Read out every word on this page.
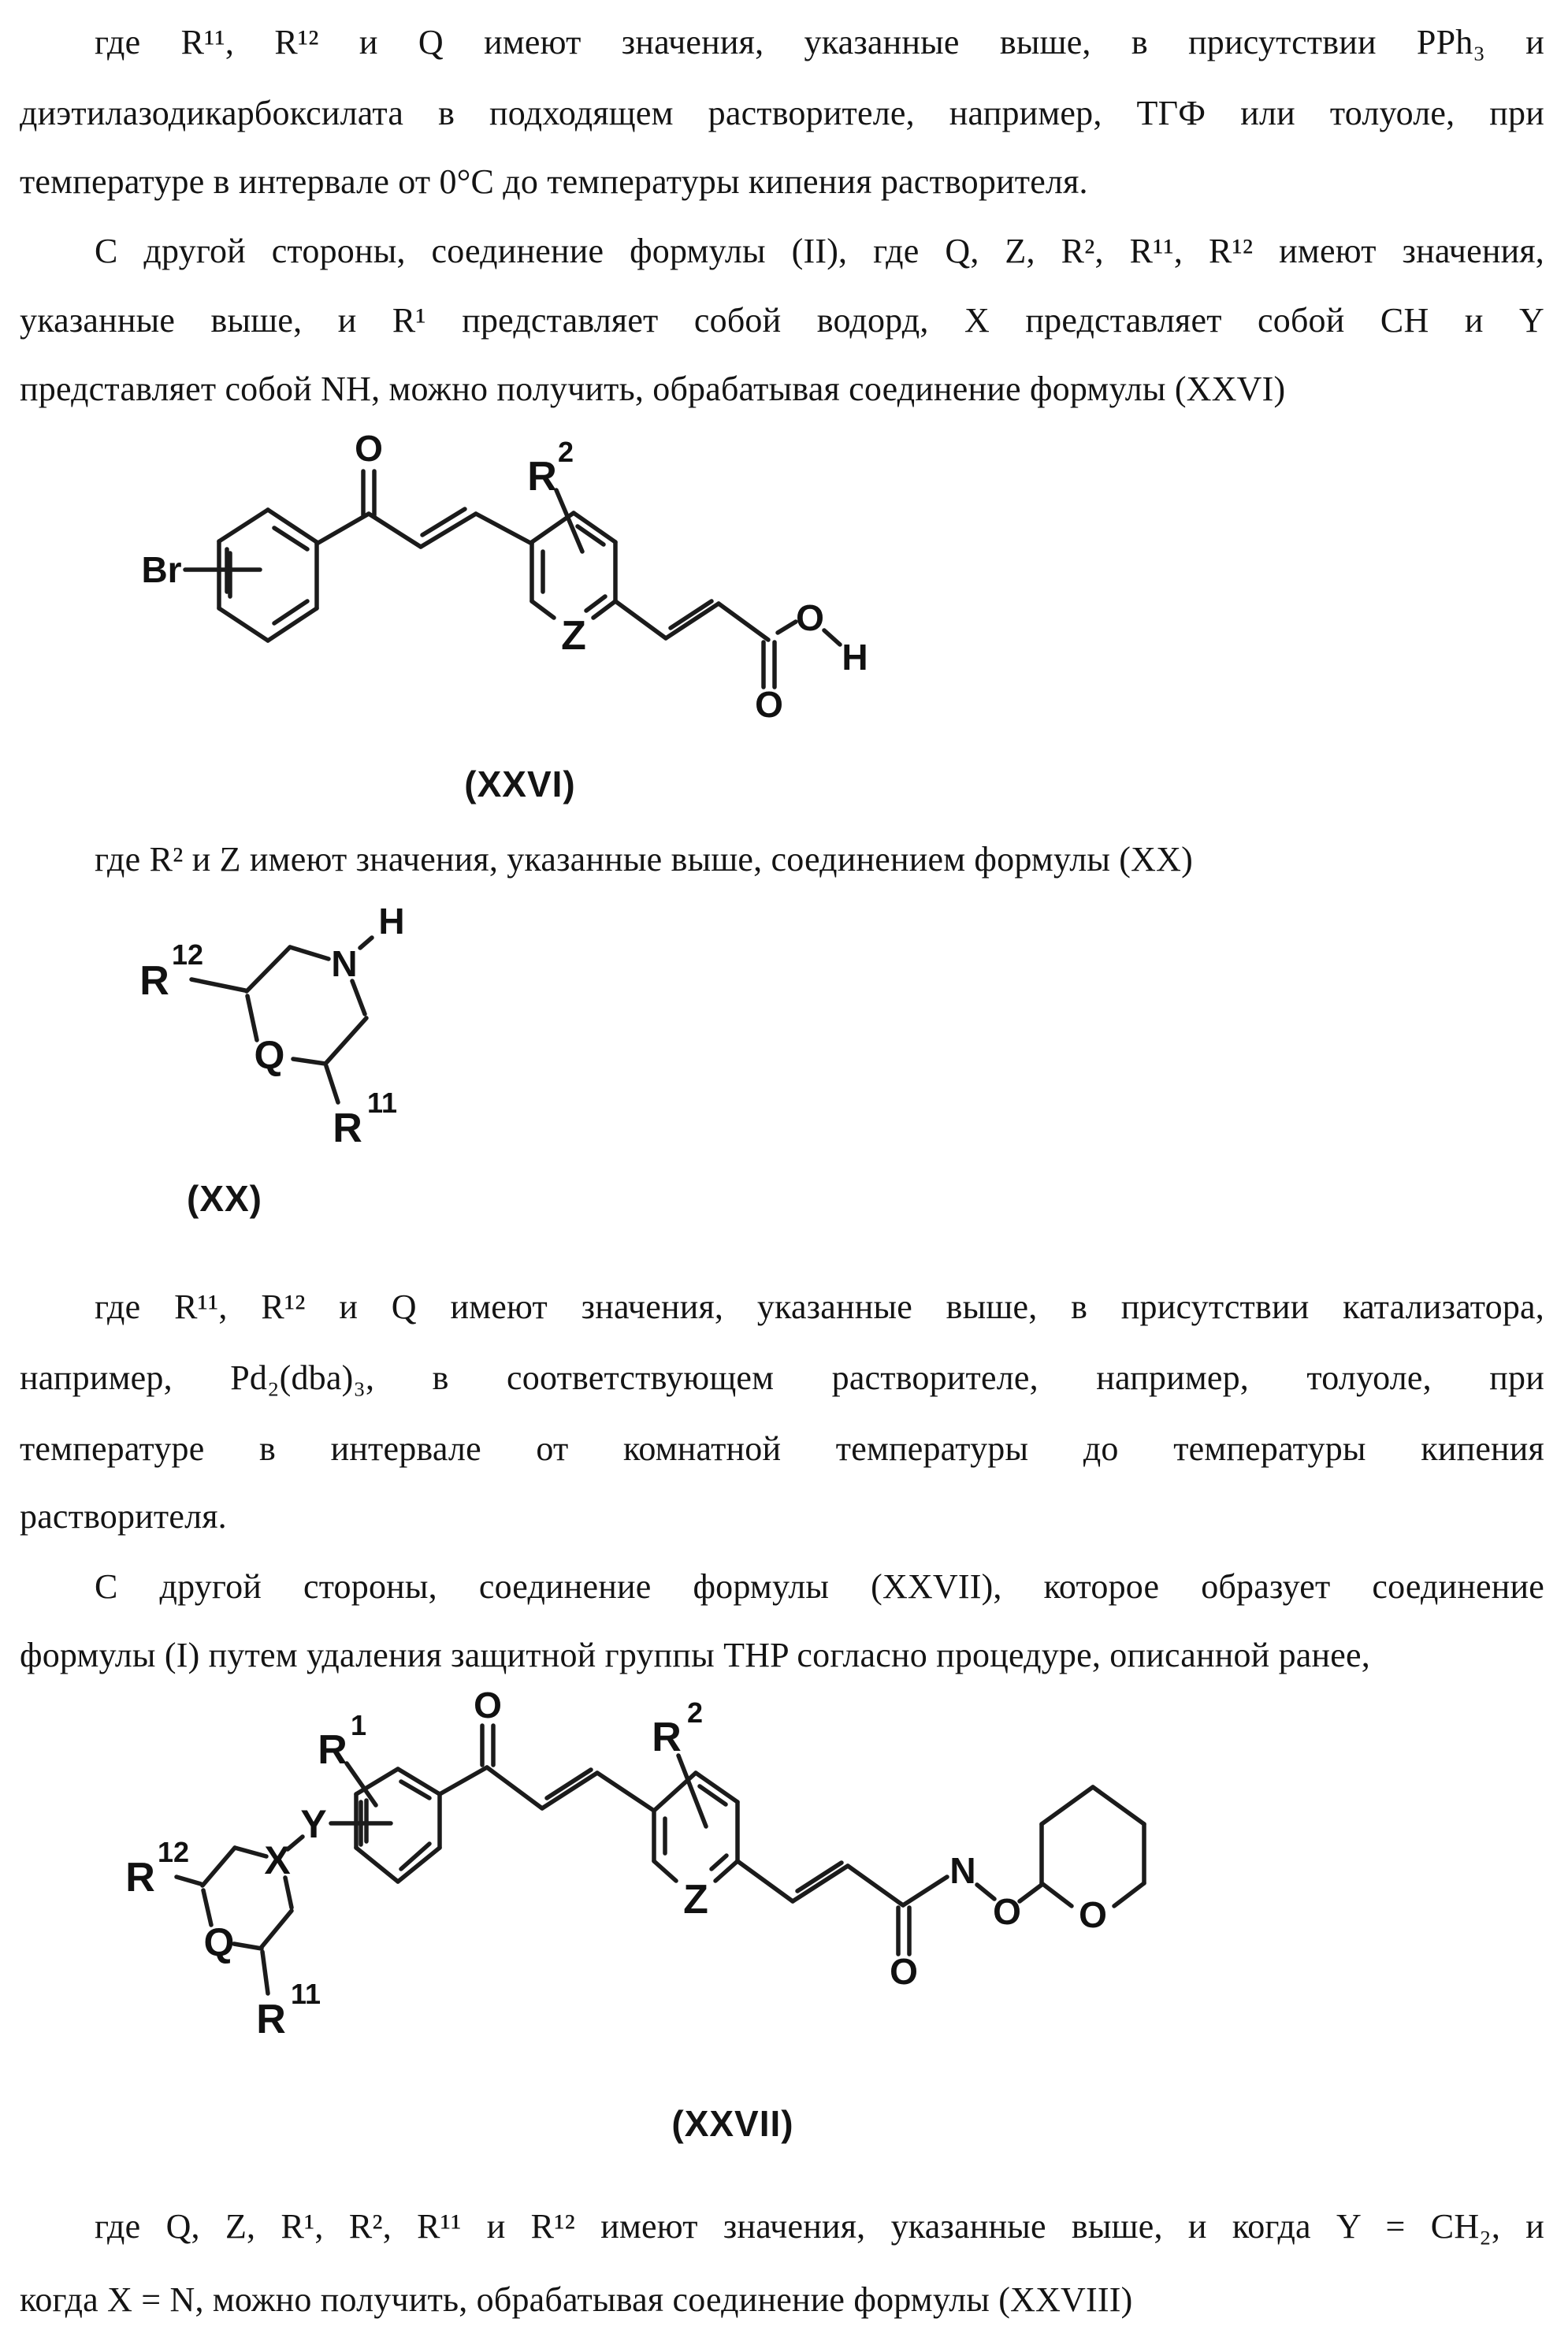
где R¹¹, R¹² и Q имеют значения, указанные выше, в присутствии PPh₃ и
диэтилазодикарбоксилата в подходящем растворителе, например, ТГФ или толуоле, при
температуре в интервале от 0°С до температуры кипения растворителя.
С другой стороны, соединение формулы (II), где Q, Z, R², R¹¹, R¹² имеют значения,
указанные выше, и R¹ представляет собой водорд, X представляет собой CH и Y
представляет собой NH, можно получить, обрабатывая соединение формулы (XXVI)
O
Br
Z
R
2
O
O
H
(XXVI)
где R² и Z имеют значения, указанные выше, соединением формулы (XX)
H
N
Q
R
12
R
11
(XX)
где R¹¹, R¹² и Q имеют значения, указанные выше, в присутствии катализатора,
например, Pd₂(dba)₃, в соответствующем растворителе, например, толуоле, при
температуре в интервале от комнатной температуры до температуры кипения
растворителя.
С другой стороны, соединение формулы (XXVII), которое образует соединение
формулы (I) путем удаления защитной группы THP согласно процедуре, описанной ранее,
X
Q
R
12
R
11
Y
R
1	O
Z
R
2
O
N
O O
(XXVII)
где Q, Z, R¹, R², R¹¹ и R¹² имеют значения, указанные выше, и когда Y = CH₂, и
когда X = N, можно получить, обрабатывая соединение формулы (XXVIII)
